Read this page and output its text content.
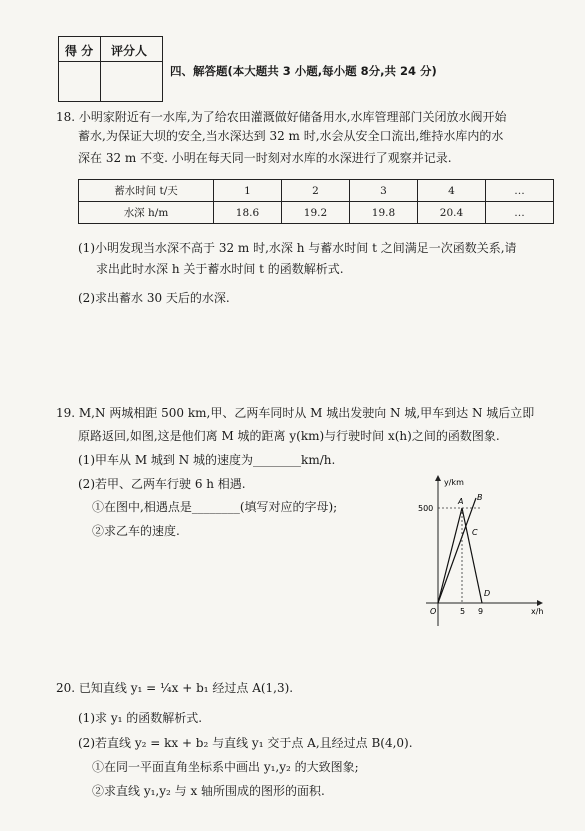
得 分 评分人
四、解答题(本大题共 3 小题,每小题 8分,共 24 分)
18. 小明家附近有一水库,为了给农田灌溉做好储备用水,水库管理部门关闭放水阀开始
蓄水,为保证大坝的安全,当水深达到 32 m 时,水会从安全口流出,维持水库内的水
深在 32 m 不变. 小明在每天同一时刻对水库的水深进行了观察并记录.
蓄水时间 t/天	1	2	3	4	…
水深 h/m	18.6	19.2	19.8	20.4	…
(1)小明发现当水深不高于 32 m 时,水深 h 与蓄水时间 t 之间满足一次函数关系,请
求出此时水深 h 关于蓄水时间 t 的函数解析式.
(2)求出蓄水 30 天后的水深.
19. M,N 两城相距 500 km,甲、乙两车同时从 M 城出发驶向 N 城,甲车到达 N 城后立即
原路返回,如图,这是他们离 M 城的距离 y(km)与行驶时间 x(h)之间的函数图象.
(1)甲车从 M 城到 N 城的速度为________km/h.
(2)若甲、乙两车行驶 6 h 相遇.
①在图中,相遇点是________(填写对应的字母);
②求乙车的速度.
y/km
x/h
500
5 9
O
A B
C
D
20. 已知直线 y₁ = ¼x + b₁ 经过点 A(1,3).
(1)求 y₁ 的函数解析式.
(2)若直线 y₂ = kx + b₂ 与直线 y₁ 交于点 A,且经过点 B(4,0).
①在同一平面直角坐标系中画出 y₁,y₂ 的大致图象;
②求直线 y₁,y₂ 与 x 轴所围成的图形的面积.
